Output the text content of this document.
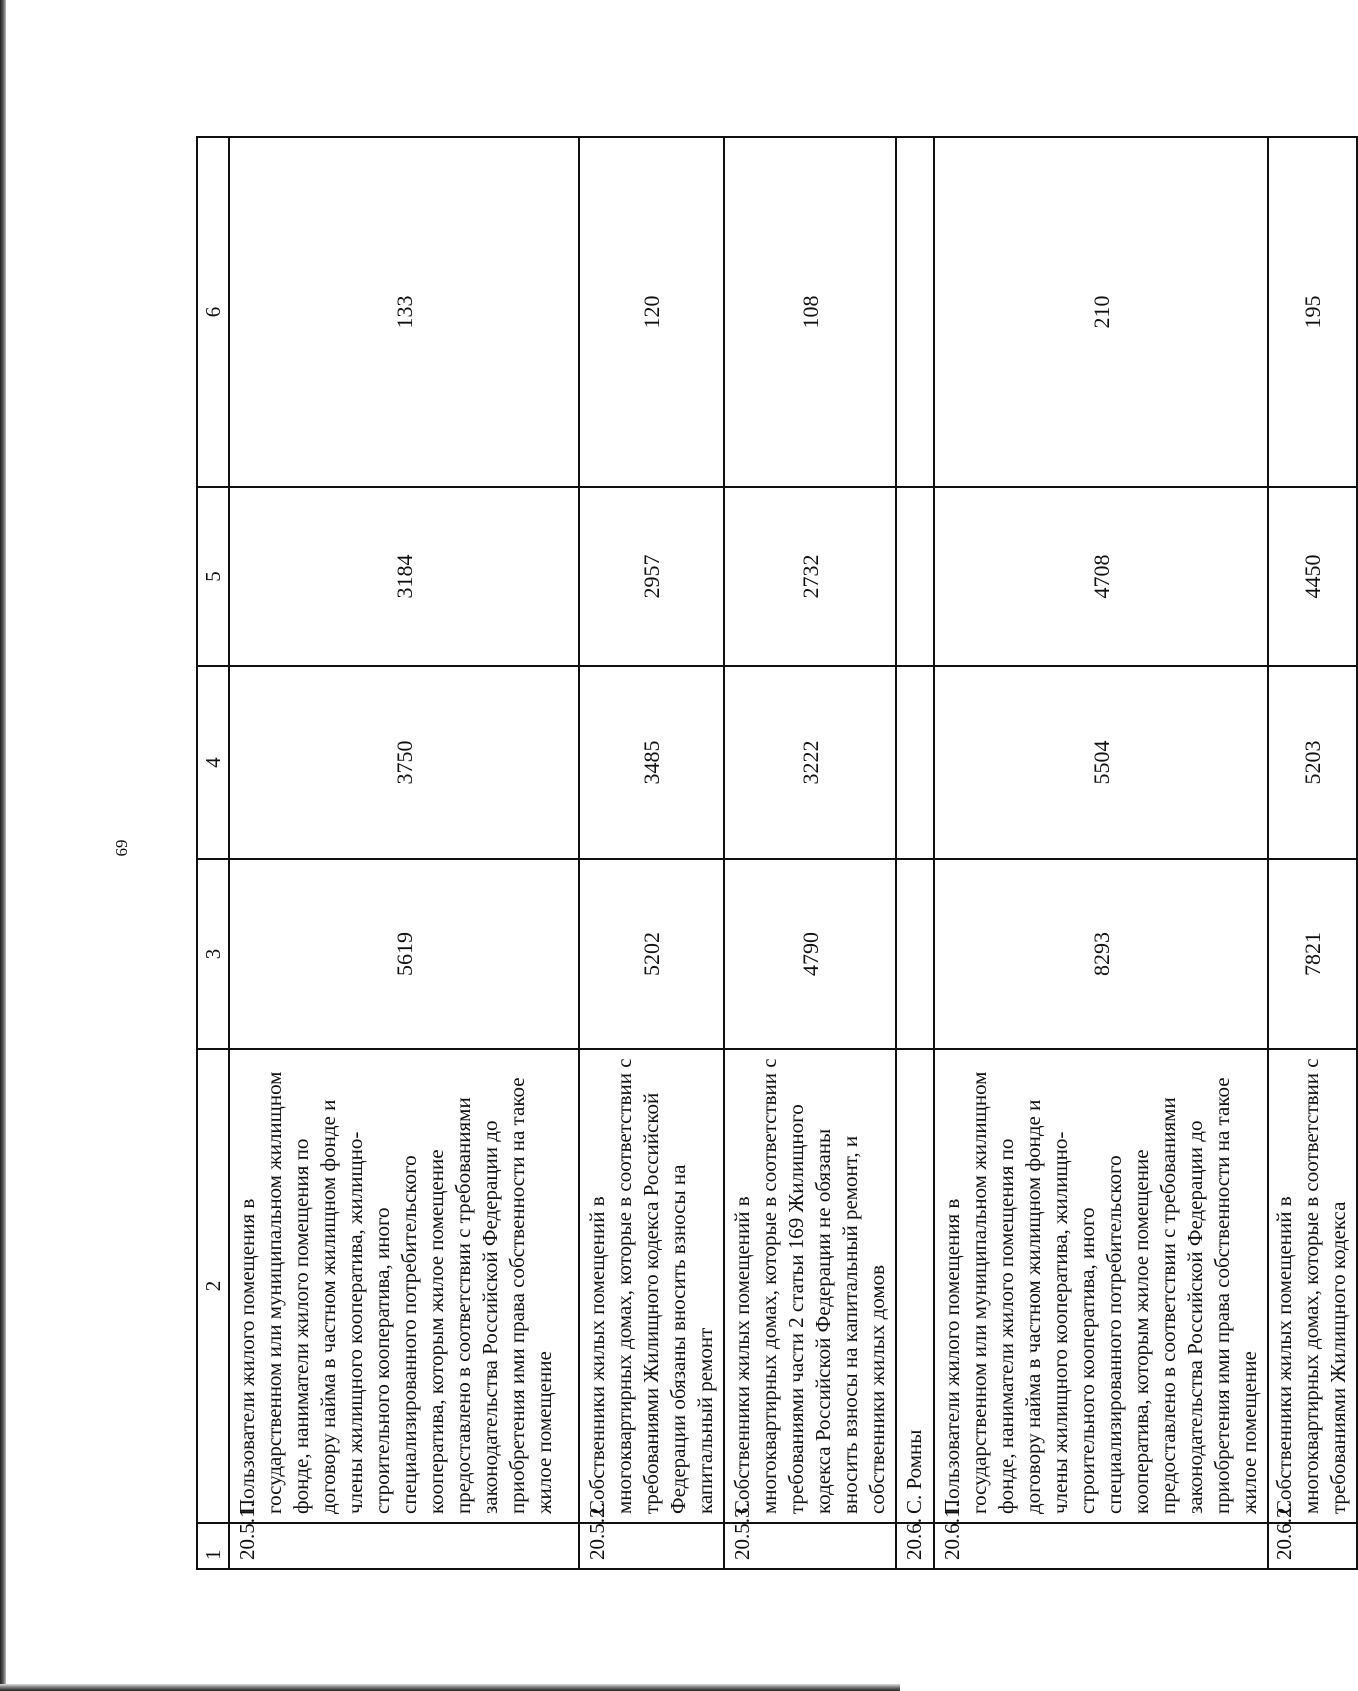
69
1	2	3	4	5	6
20.5.1.	Пользователи жилого помещения в государственном или муниципальном жилищном фонде, наниматели жилого помещения по договору найма в частном жилищном фонде и члены жилищного кооператива, жилищно-строительного кооператива, иного специализированного потребительского кооператива, которым жилое помещение предоставлено в соответствии с требованиями законодательства Российской Федерации до приобретения ими права собственности на такое жилое помещение	5619	3750	3184	133
20.5.2.	Собственники жилых помещений в многоквартирных домах, которые в соответствии с требованиями Жилищного кодекса Российской Федерации обязаны вносить взносы на капитальный ремонт	5202	3485	2957	120
20.5.3.	Собственники жилых помещений в многоквартирных домах, которые в соответствии с требованиями части 2 статьи 169 Жилищного кодекса Российской Федерации не обязаны вносить взносы на капитальный ремонт, и собственники жилых домов	4790	3222	2732	108
20.6.	С. Ромны				
20.6.1.	Пользователи жилого помещения в государственном или муниципальном жилищном фонде, наниматели жилого помещения по договору найма в частном жилищном фонде и члены жилищного кооператива, жилищно-строительного кооператива, иного специализированного потребительского кооператива, которым жилое помещение предоставлено в соответствии с требованиями законодательства Российской Федерации до приобретения ими права собственности на такое жилое помещение	8293	5504	4708	210
20.6.2.	Собственники жилых помещений в многоквартирных домах, которые в соответствии с требованиями Жилищного кодекса	7821	5203	4450	195
